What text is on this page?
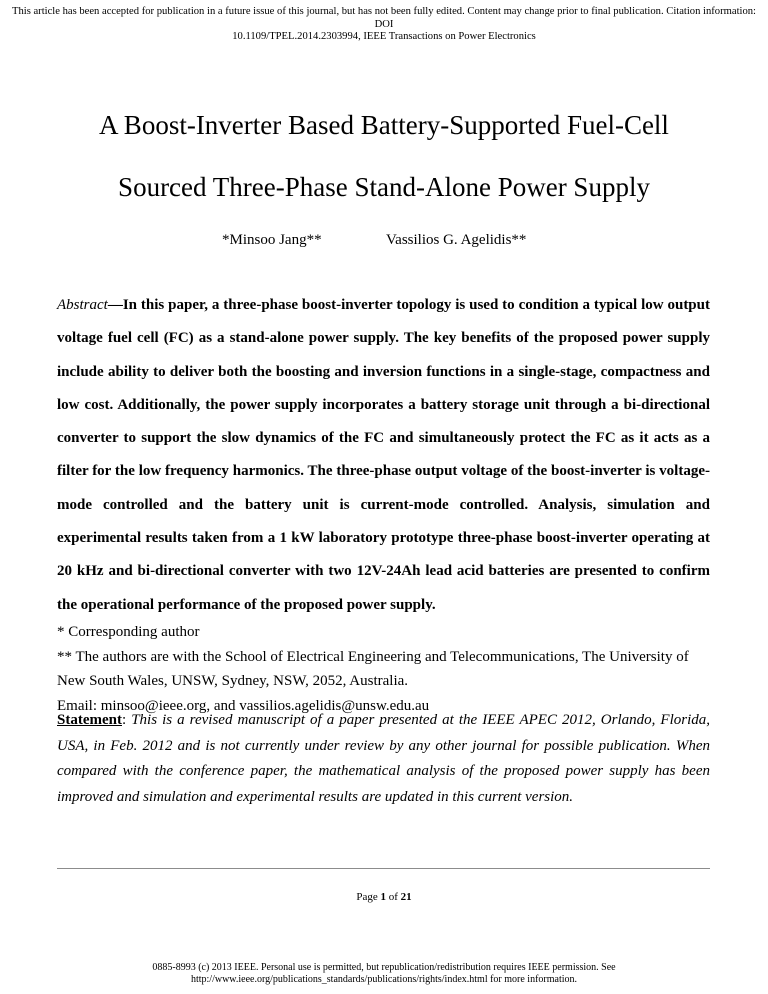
This article has been accepted for publication in a future issue of this journal, but has not been fully edited. Content may change prior to final publication. Citation information: DOI
10.1109/TPEL.2014.2303994, IEEE Transactions on Power Electronics
A Boost-Inverter Based Battery-Supported Fuel-Cell
Sourced Three-Phase Stand-Alone Power Supply
*Minsoo Jang**	Vassilios G. Agelidis**

Abstract—In this paper, a three-phase boost-inverter topology is used to condition a typical low output voltage fuel cell (FC) as a stand-alone power supply. The key benefits of the proposed power supply include ability to deliver both the boosting and inversion functions in a single-stage, compactness and low cost. Additionally, the power supply incorporates a battery storage unit through a bi-directional converter to support the slow dynamics of the FC and simultaneously protect the FC as it acts as a filter for the low frequency harmonics. The three-phase output voltage of the boost-inverter is voltage-mode controlled and the battery unit is current-mode controlled. Analysis, simulation and experimental results taken from a 1 kW laboratory prototype three-phase boost-inverter operating at 20 kHz and bi-directional converter with two 12V-24Ah lead acid batteries are presented to confirm the operational performance of the proposed power supply.

* Corresponding author

** The authors are with the School of Electrical Engineering and Telecommunications, The University of

New South Wales, UNSW, Sydney, NSW, 2052, Australia.

Email: minsoo@ieee.org, and vassilios.agelidis@unsw.edu.au

Statement: This is a revised manuscript of a paper presented at the IEEE APEC 2012, Orlando, Florida, USA, in Feb. 2012 and is not currently under review by any other journal for possible publication. When compared with the conference paper, the mathematical analysis of the proposed power supply has been improved and simulation and experimental results are updated in this current version.

Page 1 of 21
0885-8993 (c) 2013 IEEE. Personal use is permitted, but republication/redistribution requires IEEE permission. See
http://www.ieee.org/publications_standards/publications/rights/index.html for more information.
